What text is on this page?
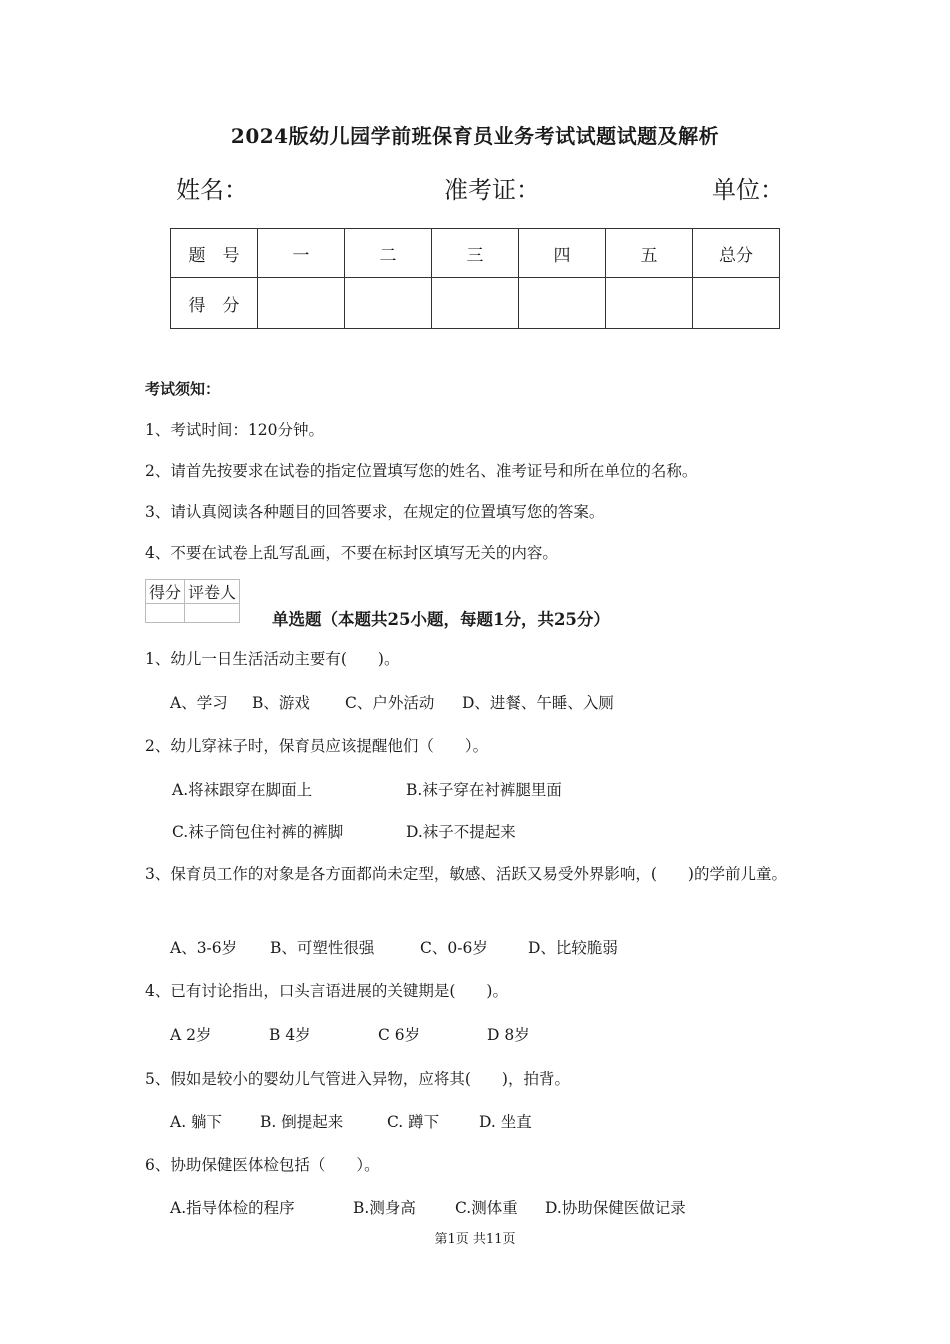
2024版幼儿园学前班保育员业务考试试题试题及解析
姓名：	准考证：	单位：
题　号	一	二	三	四	五	总分
得　分						
考试须知：
1、考试时间：120分钟。
2、请首先按要求在试卷的指定位置填写您的姓名、准考证号和所在单位的名称。
3、请认真阅读各种题目的回答要求，在规定的位置填写您的答案。
4、不要在试卷上乱写乱画，不要在标封区填写无关的内容。
得分	评卷人

单选题（本题共25小题，每题1分，共25分）
1、幼儿一日生活活动主要有(　　)。
A、学习 B、游戏 C、户外活动 D、进餐、午睡、入厕
2、幼儿穿袜子时，保育员应该提醒他们（　　）。
A.将袜跟穿在脚面上	B.袜子穿在衬裤腿里面
C.袜子筒包住衬裤的裤脚	D.袜子不提起来
3、保育员工作的对象是各方面都尚未定型，敏感、活跃又易受外界影响，(　　)的学前儿童。
A、3-6岁 B、可塑性很强	C、0-6岁	D、比较脆弱
4、已有讨论指出，口头言语进展的关键期是(　　)。
A 2岁	B 4岁	C 6岁	D 8岁
5、假如是较小的婴幼儿气管进入异物，应将其(　　)，拍背。
A. 躺下 B. 倒提起来	C. 蹲下	D. 坐直
6、协助保健医体检包括（　　）。
A.指导体检的程序	B.测身高	C.测体重 D.协助保健医做记录
第1页 共11页
